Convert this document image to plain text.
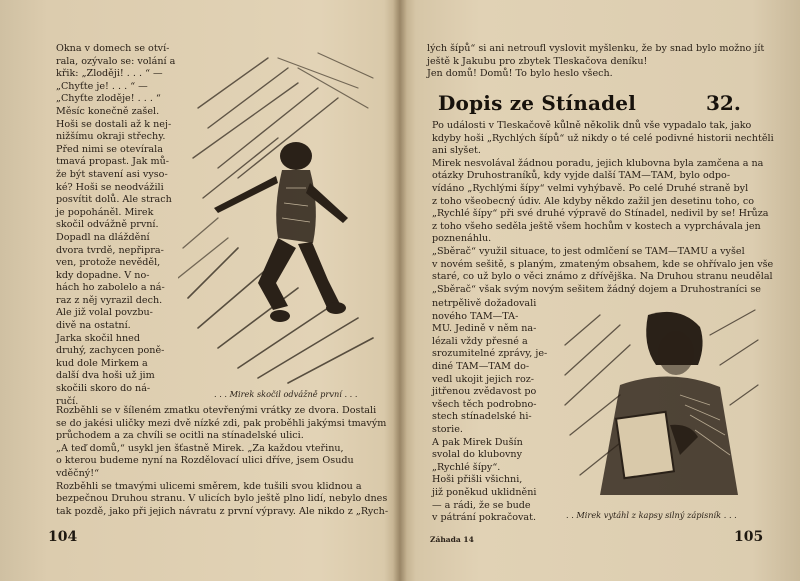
Okna v domech se otví-
rala, ozývalo se: volání a
křik: „Zloději! . . . “ —
„Chyťte je! . . . “ —
„Chyťte zloděje! . . . “
Měsíc konečně zašel.
Hoši se dostali až k nej-
nižšímu okraji střechy.
Před nimi se otevírala
tmavá propast. Jak mů-
že být stavení asi vyso-
ké? Hoši se neodvážili
posvítit dolů. Ale strach
je popoháněl. Mirek
skočil odvážně první.
Dopadl na dláždění
dvora tvrdě, nepřipra-
ven, protože nevěděl,
kdy dopadne. V no-
hách ho zabolelo a ná-
raz z něj vyrazil dech.
Ale již volal povzbu-
divě na ostatní.
Jarka skočil hned
druhý, zachycen poně-
kud dole Mirkem a
další dva hoši už jim
skočili skoro do ná-
ručí.
. . . Mirek skočil odvážně první . . .
Rozběhli se v šíleném zmatku otevřenými vrátky ze dvora. Dostali
se do jakési uličky mezi dvě nízké zdi, pak proběhli jakýmsi tmavým
průchodem a za chvíli se ocitli na stínadelské ulici.
„A teď domů,“ usykl jen šťastně Mirek. „Za každou vteřinu,
o kterou budeme nyní na Rozdělovací ulici dříve, jsem Osudu
vděčný!“
Rozběhli se tmavými ulicemi směrem, kde tušili svou klidnou a
bezpečnou Druhou stranu. V ulicích bylo ještě plno lidí, nebylo dnes
tak pozdě, jako při jejich návratu z první výpravy. Ale nikdo z „Rych-
104
lých šípů“ si ani netroufl vyslovit myšlenku, že by snad bylo možno jít
ještě k Jakubu pro zbytek Tleskačova deníku!
Jen domů! Domů! To bylo heslo všech.
Dopis ze Stínadel	32.
Po události v Tleskačově kůlně několik dnů vše vypadalo tak, jako
kdyby hoši „Rychlých šípů“ už nikdy o té celé podivné historii nechtěli
ani slyšet.
Mirek nesvolával žádnou poradu, jejich klubovna byla zamčena a na
otázky Druhostraníků, kdy vyjde další TAM—TAM, bylo odpo-
vídáno „Rychlými šípy“ velmi vyhýbavě. Po celé Druhé straně byl
z toho všeobecný údiv. Ale kdyby někdo zažil jen desetinu toho, co
„Rychlé šípy“ při své druhé výpravě do Stínadel, nedivil by se! Hrůza
z toho všeho seděla ještě všem hochům v kostech a vyprchávala jen
poznenáhlu.
„Sběrač“ využil situace, to jest odmlčení se TAM—TAMU a vyšel
v novém sešitě, s planým, zmateným obsahem, kde se ohřívalo jen vše
staré, co už bylo o věci známo z dřívějška. Na Druhou stranu neudělal
„Sběrač“ však svým novým sešitem žádný dojem a Druhostraníci se
netrpělivě dožadovali
nového TAM—TA-
MU. Jedině v něm na-
lézali vždy přesné a
srozumitelné zprávy, je-
diné TAM—TAM do-
vedl ukojit jejich roz-
jitřenou zvědavost po
všech těch podrobno-
stech stínadelské hi-
storie.
A pak Mirek Dušín
svolal do klubovny
„Rychlé šípy“.
Hoši přišli všichni,
již poněkud uklidněni
— a rádi, že se bude
v pátrání pokračovat.	. . Mirek vytáhl z kapsy silný zápisník . . .
Záhada 14	105
